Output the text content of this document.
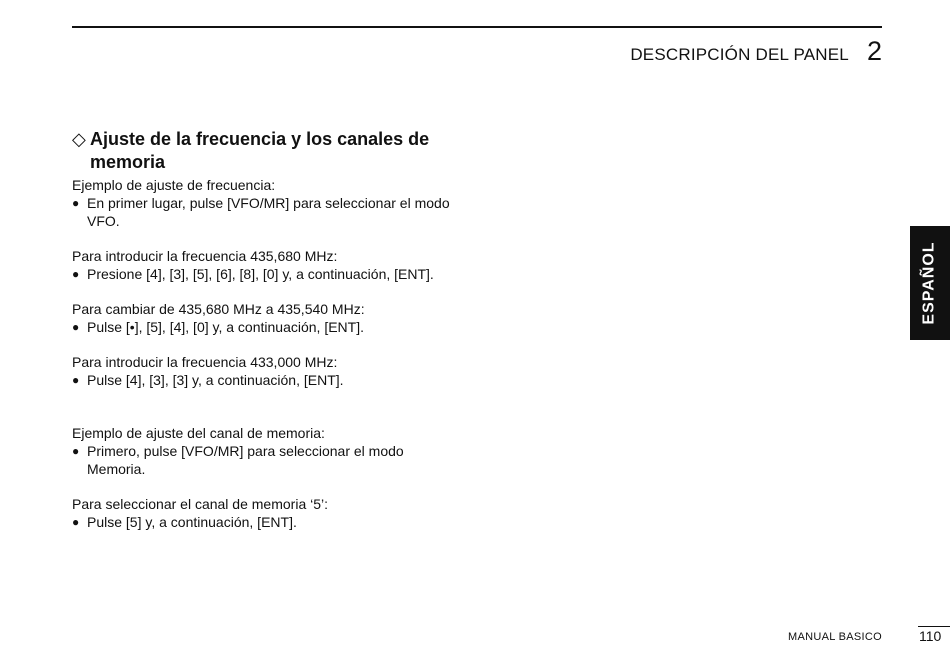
DESCRIPCIÓN DEL PANEL 2
◇ Ajuste de la frecuencia y los canales de memoria

Ejemplo de ajuste de frecuencia:

● En primer lugar, pulse [VFO/MR] para seleccionar el modo VFO.

Para introducir la frecuencia 435,680 MHz:

● Presione [4], [3], [5], [6], [8], [0] y, a continuación, [ENT].

Para cambiar de 435,680 MHz a 435,540 MHz:

● Pulse [•], [5], [4], [0] y, a continuación, [ENT].

Para introducir la frecuencia 433,000 MHz:

● Pulse [4], [3], [3] y, a continuación, [ENT].

Ejemplo de ajuste del canal de memoria:

● Primero, pulse [VFO/MR] para seleccionar el modo Memoria.

Para seleccionar el canal de memoria ‘5’:

● Pulse [5] y, a continuación, [ENT].
ESPAÑOL
MANUAL BASICO	110
